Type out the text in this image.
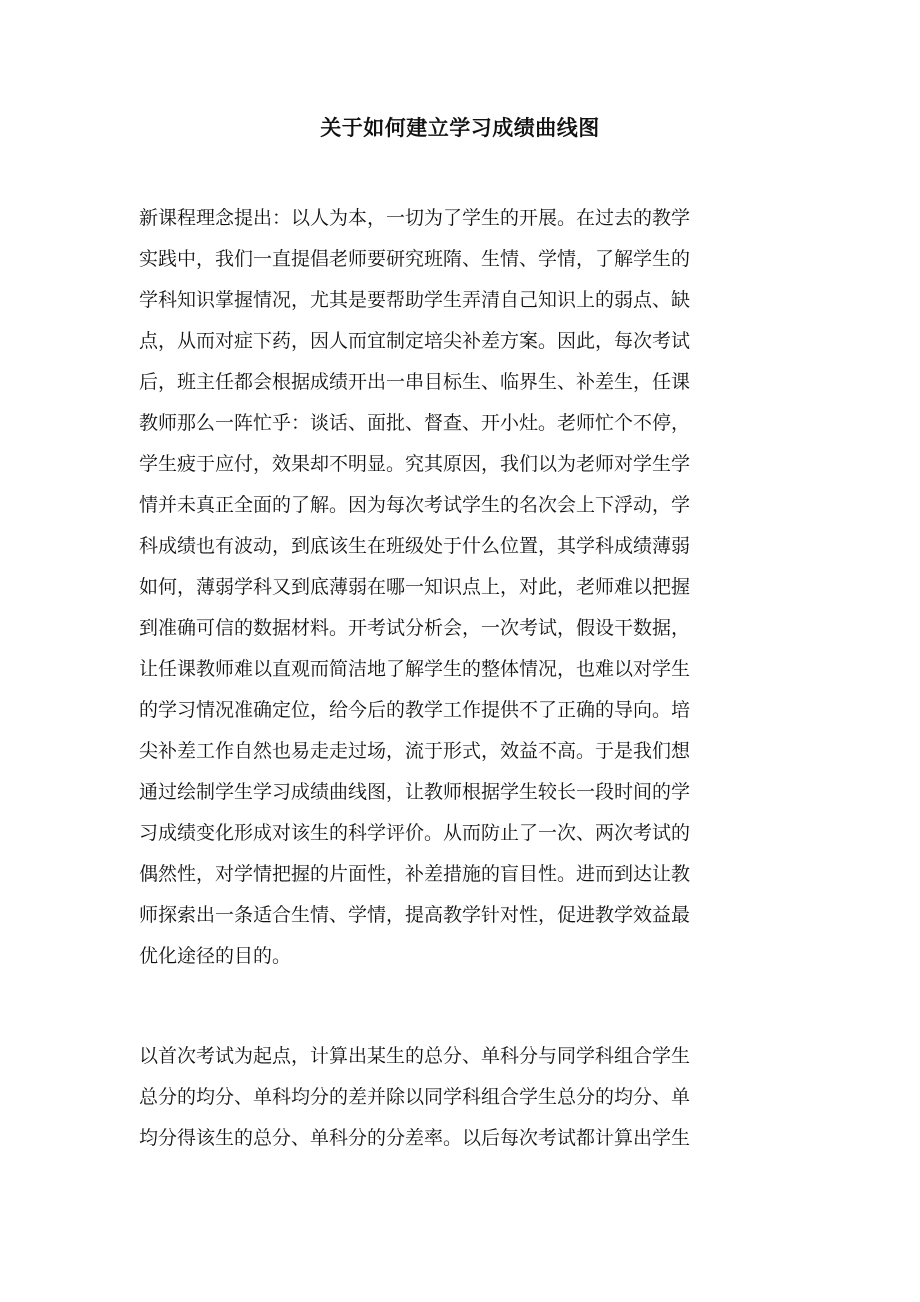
关于如何建立学习成绩曲线图
新课程理念提出：以人为本，一切为了学生的开展。在过去的教学
实践中，我们一直提倡老师要研究班隋、生情、学情，了解学生的
学科知识掌握情况，尤其是要帮助学生弄清自己知识上的弱点、缺
点，从而对症下药，因人而宜制定培尖补差方案。因此，每次考试
后，班主任都会根据成绩开出一串目标生、临界生、补差生，任课
教师那么一阵忙乎：谈话、面批、督查、开小灶。老师忙个不停，
学生疲于应付，效果却不明显。究其原因，我们以为老师对学生学
情并未真正全面的了解。因为每次考试学生的名次会上下浮动，学
科成绩也有波动，到底该生在班级处于什么位置，其学科成绩薄弱
如何，薄弱学科又到底薄弱在哪一知识点上，对此，老师难以把握
到准确可信的数据材料。开考试分析会，一次考试，假设干数据，
让任课教师难以直观而简洁地了解学生的整体情况，也难以对学生
的学习情况准确定位，给今后的教学工作提供不了正确的导向。培
尖补差工作自然也易走走过场，流于形式，效益不高。于是我们想
通过绘制学生学习成绩曲线图，让教师根据学生较长一段时间的学
习成绩变化形成对该生的科学评价。从而防止了一次、两次考试的
偶然性，对学情把握的片面性，补差措施的盲目性。进而到达让教
师探索出一条适合生情、学情，提高教学针对性，促进教学效益最
优化途径的目的。
以首次考试为起点，计算出某生的总分、单科分与同学科组合学生
总分的均分、单科均分的差并除以同学科组合学生总分的均分、单
均分得该生的总分、单科分的分差率。以后每次考试都计算出学生
